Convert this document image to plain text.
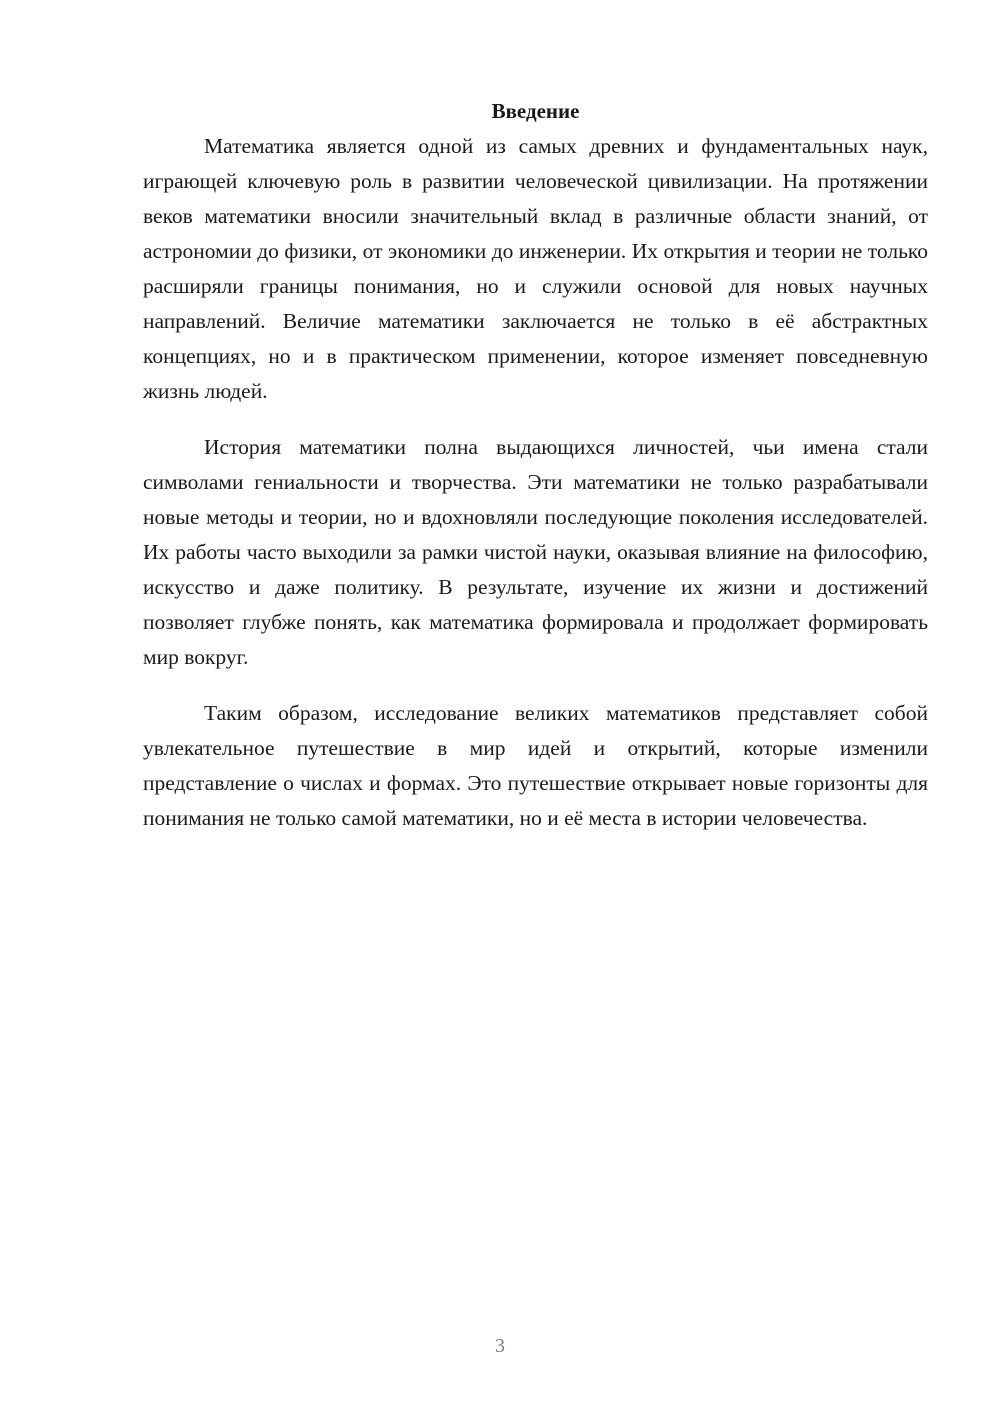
Введение

Математика является одной из самых древних и фундаментальных наук, играющей ключевую роль в развитии человеческой цивилизации. На протяжении веков математики вносили значительный вклад в различные области знаний, от астрономии до физики, от экономики до инженерии. Их открытия и теории не только расширяли границы понимания, но и служили основой для новых научных направлений. Величие математики заключается не только в её абстрактных концепциях, но и в практическом применении, которое изменяет повседневную жизнь людей.

История математики полна выдающихся личностей, чьи имена стали символами гениальности и творчества. Эти математики не только разрабатывали новые методы и теории, но и вдохновляли последующие поколения исследователей. Их работы часто выходили за рамки чистой науки, оказывая влияние на философию, искусство и даже политику. В результате, изучение их жизни и достижений позволяет глубже понять, как математика формировала и продолжает формировать мир вокруг.

Таким образом, исследование великих математиков представляет собой увлекательное путешествие в мир идей и открытий, которые изменили представление о числах и формах. Это путешествие открывает новые горизонты для понимания не только самой математики, но и её места в истории человечества.

3
